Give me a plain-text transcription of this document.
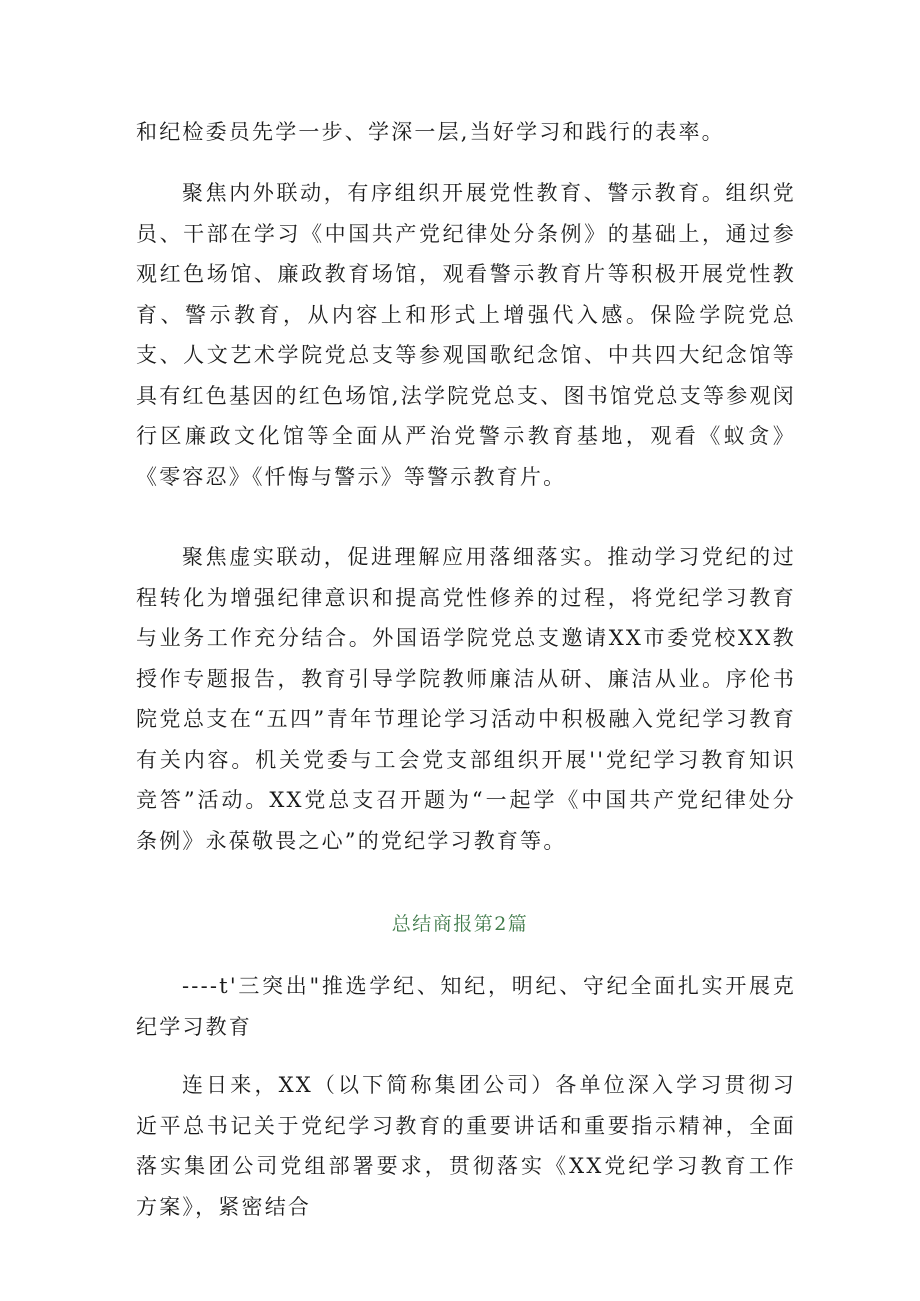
和纪检委员先学一步、学深一层,当好学习和践行的表率。

聚焦内外联动，有序组织开展党性教育、警示教育。组织党员、干部在学习《中国共产党纪律处分条例》的基础上，通过参观红色场馆、廉政教育场馆，观看警示教育片等积极开展党性教育、警示教育，从内容上和形式上增强代入感。保险学院党总支、人文艺术学院党总支等参观国歌纪念馆、中共四大纪念馆等具有红色基因的红色场馆,法学院党总支、图书馆党总支等参观闵行区廉政文化馆等全面从严治党警示教育基地，观看《蚁贪》《零容忍》《忏悔与警示》等警示教育片。

聚焦虚实联动，促进理解应用落细落实。推动学习党纪的过程转化为增强纪律意识和提高党性修养的过程，将党纪学习教育与业务工作充分结合。外国语学院党总支邀请XX市委党校XX教授作专题报告，教育引导学院教师廉洁从研、廉洁从业。序伦书院党总支在“五四”青年节理论学习活动中积极融入党纪学习教育有关内容。机关党委与工会党支部组织开展''党纪学习教育知识竞答”活动。XX党总支召开题为“一起学《中国共产党纪律处分条例》永葆敬畏之心”的党纪学习教育等。

总结商报第2篇

----t'三突出"推选学纪、知纪，明纪、守纪全面扎实开展克纪学习教育

连日来，XX（以下简称集团公司）各单位深入学习贯彻习近平总书记关于党纪学习教育的重要讲话和重要指示精神，全面落实集团公司党组部署要求，贯彻落实《XX党纪学习教育工作方案》，紧密结合
